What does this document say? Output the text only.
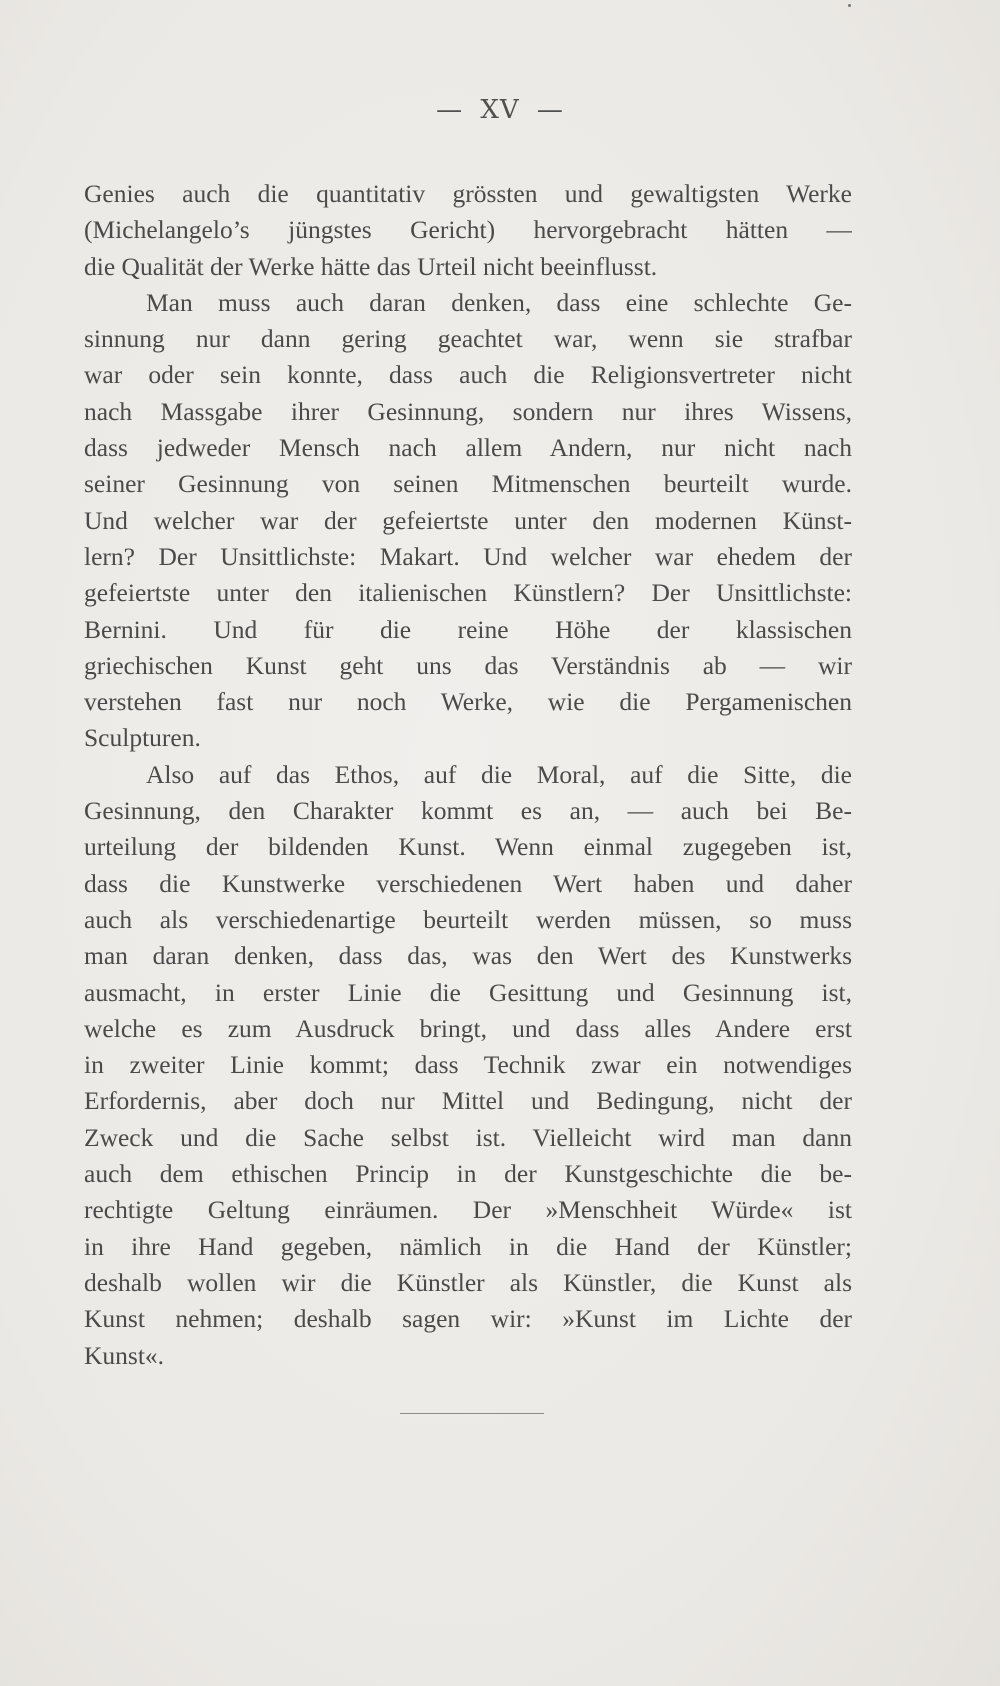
— XV —
Genies auch die quantitativ grössten und gewaltigsten Werke
(Michelangelo’s jüngstes Gericht) hervorgebracht hätten —
die Qualität der Werke hätte das Urteil nicht beeinflusst.
Man muss auch daran denken, dass eine schlechte Ge-
sinnung nur dann gering geachtet war, wenn sie strafbar
war oder sein konnte, dass auch die Religionsvertreter nicht
nach Massgabe ihrer Gesinnung, sondern nur ihres Wissens,
dass jedweder Mensch nach allem Andern, nur nicht nach
seiner Gesinnung von seinen Mitmenschen beurteilt wurde.
Und welcher war der gefeiertste unter den modernen Künst-
lern? Der Unsittlichste: Makart. Und welcher war ehedem der
gefeiertste unter den italienischen Künstlern? Der Unsittlichste:
Bernini. Und für die reine Höhe der klassischen
griechischen Kunst geht uns das Verständnis ab — wir
verstehen fast nur noch Werke, wie die Pergamenischen
Sculpturen.
Also auf das Ethos, auf die Moral, auf die Sitte, die
Gesinnung, den Charakter kommt es an, — auch bei Be-
urteilung der bildenden Kunst. Wenn einmal zugegeben ist,
dass die Kunstwerke verschiedenen Wert haben und daher
auch als verschiedenartige beurteilt werden müssen, so muss
man daran denken, dass das, was den Wert des Kunstwerks
ausmacht, in erster Linie die Gesittung und Gesinnung ist,
welche es zum Ausdruck bringt, und dass alles Andere erst
in zweiter Linie kommt; dass Technik zwar ein notwendiges
Erfordernis, aber doch nur Mittel und Bedingung, nicht der
Zweck und die Sache selbst ist. Vielleicht wird man dann
auch dem ethischen Princip in der Kunstgeschichte die be-
rechtigte Geltung einräumen. Der »Menschheit Würde« ist
in ihre Hand gegeben, nämlich in die Hand der Künstler;
deshalb wollen wir die Künstler als Künstler, die Kunst als
Kunst nehmen; deshalb sagen wir: »Kunst im Lichte der
Kunst«.
